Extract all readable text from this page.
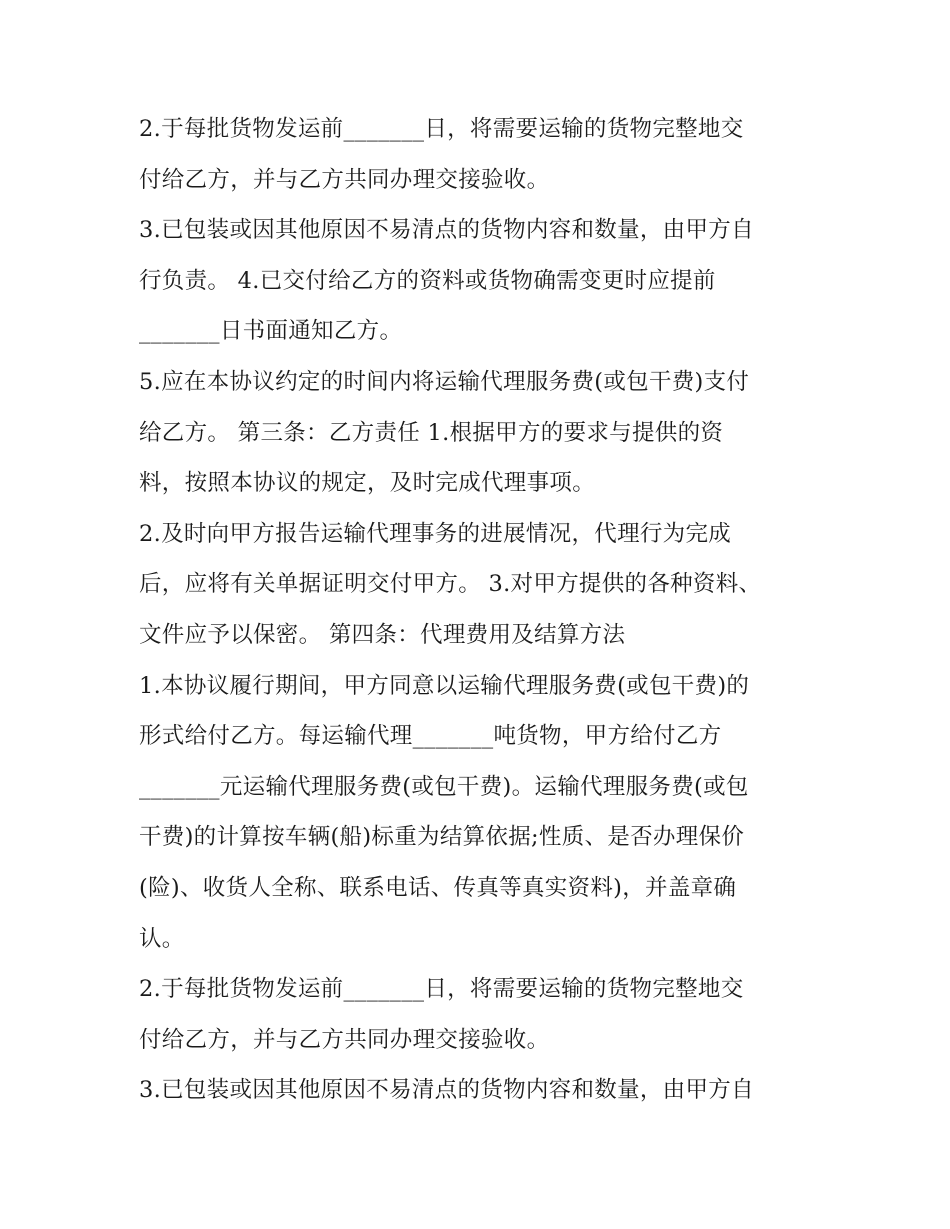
2.于每批货物发运前_______日，将需要运输的货物完整地交
付给乙方，并与乙方共同办理交接验收。
3.已包装或因其他原因不易清点的货物内容和数量，由甲方自
行负责。 4.已交付给乙方的资料或货物确需变更时应提前
_______日书面通知乙方。
5.应在本协议约定的时间内将运输代理服务费(或包干费)支付
给乙方。 第三条：乙方责任 1.根据甲方的要求与提供的资
料，按照本协议的规定，及时完成代理事项。
2.及时向甲方报告运输代理事务的进展情况，代理行为完成
后，应将有关单据证明交付甲方。 3.对甲方提供的各种资料、
文件应予以保密。 第四条：代理费用及结算方法
1.本协议履行期间，甲方同意以运输代理服务费(或包干费)的
形式给付乙方。每运输代理_______吨货物，甲方给付乙方
_______元运输代理服务费(或包干费)。运输代理服务费(或包
干费)的计算按车辆(船)标重为结算依据;性质、是否办理保价
(险)、收货人全称、联系电话、传真等真实资料)，并盖章确
认。
2.于每批货物发运前_______日，将需要运输的货物完整地交
付给乙方，并与乙方共同办理交接验收。
3.已包装或因其他原因不易清点的货物内容和数量，由甲方自
